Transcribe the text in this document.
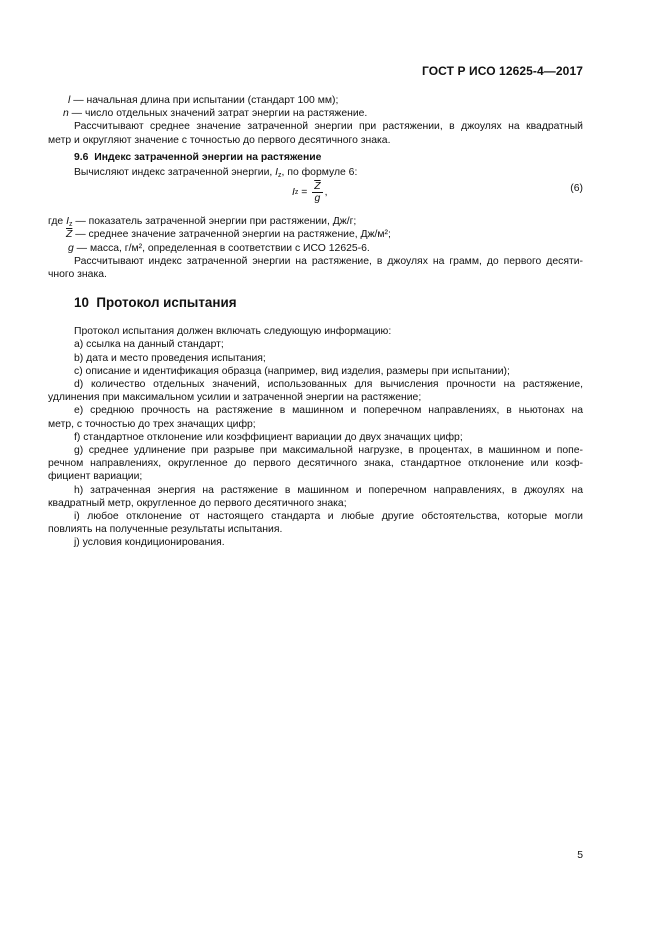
ГОСТ Р ИСО 12625-4—2017
l — начальная длина при испытании (стандарт 100 мм);
n — число отдельных значений затрат энергии на растяжение.
Рассчитывают среднее значение затраченной энергии при растяжении, в джоулях на квадратный
метр и округляют значение с точностью до первого десятичного знака.
9.6 Индекс затраченной энергии на растяжение
Вычисляют индекс затраченной энергии, $I_z$, по формуле 6:
I $z = \frac{\overline{Z}}{g}$ ,	(6)
где $I_z$ — показатель затраченной энергии при растяжении, Дж/г;
$\overline{Z}$ — среднее значение затраченной энергии на растяжение, Дж/м²;
g — масса, г/м², определенная в соответствии с ИСО 12625-6.
Рассчитывают индекс затраченной энергии на растяжение, в джоулях на грамм, до первого десяти-
чного знака.
10 Протокол испытания
Протокол испытания должен включать следующую информацию:
a) ссылка на данный стандарт;
b) дата и место проведения испытания;
c) описание и идентификация образца (например, вид изделия, размеры при испытании);
d) количество отдельных значений, использованных для вычисления прочности на растяжение,
удлинения при максимальном усилии и затраченной энергии на растяжение;
e) среднюю прочность на растяжение в машинном и поперечном направлениях, в ньютонах на
метр, с точностью до трех значащих цифр;
f) стандартное отклонение или коэффициент вариации до двух значащих цифр;
g) среднее удлинение при разрыве при максимальной нагрузке, в процентах, в машинном и попе-
речном направлениях, округленное до первого десятичного знака, стандартное отклонение или коэф-
фициент вариации;
h) затраченная энергия на растяжение в машинном и поперечном направлениях, в джоулях на
квадратный метр, округленное до первого десятичного знака;
i) любое отклонение от настоящего стандарта и любые другие обстоятельства, которые могли
повлиять на полученные результаты испытания.
j) условия кондиционирования.
5
